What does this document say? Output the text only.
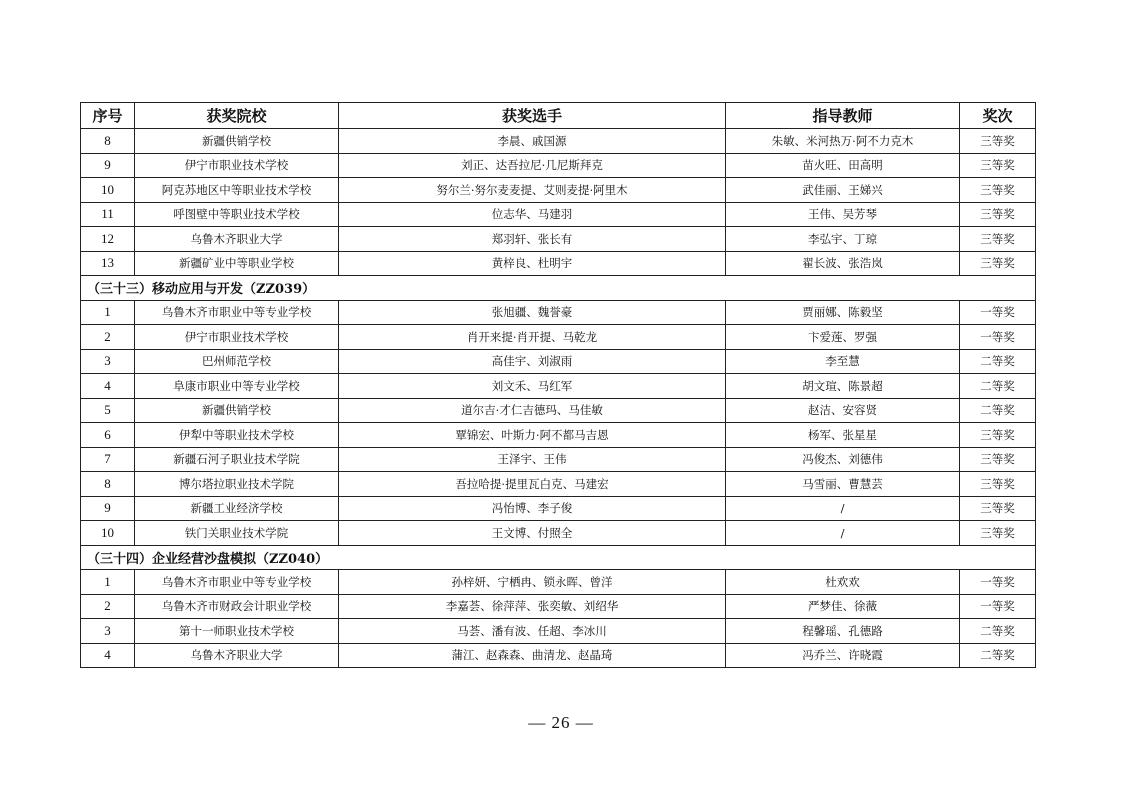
序号	获奖院校	获奖选手	指导教师	奖次
8	新疆供销学校	李晨、戚国源	朱敏、米河热万·阿不力克木	三等奖
9	伊宁市职业技术学校	刘正、达吾拉尼·几尼斯拜克	苗火旺、田高明	三等奖
10	阿克苏地区中等职业技术学校	努尔兰·努尔麦麦提、艾则麦提·阿里木	武佳丽、王娣兴	三等奖
11	呼图壁中等职业技术学校	位志华、马建羽	王伟、吴芳琴	三等奖
12	乌鲁木齐职业大学	郑羽轩、张长有	李弘宇、丁琼	三等奖
13	新疆矿业中等职业学校	黄梓良、杜明宇	翟长波、张浩岚	三等奖
（三十三）移动应用与开发（ZZ039）				
1	乌鲁木齐市职业中等专业学校	张旭疆、魏誉豪	贾丽娜、陈毅坚	一等奖
2	伊宁市职业技术学校	肖开来提·肖开提、马乾龙	卞爱莲、罗强	一等奖
3	巴州师范学校	高佳宇、刘淑雨	李至慧	二等奖
4	阜康市职业中等专业学校	刘文禾、马红军	胡文瑄、陈景超	二等奖
5	新疆供销学校	道尔吉·才仁吉德玛、马佳敏	赵洁、安容贤	二等奖
6	伊犁中等职业技术学校	覃锦宏、叶斯力·阿不都马吉恩	杨军、张星星	三等奖
7	新疆石河子职业技术学院	王泽宇、王伟	冯俊杰、刘德伟	三等奖
8	博尔塔拉职业技术学院	吾拉哈提·提里瓦白克、马建宏	马雪丽、曹慧芸	三等奖
9	新疆工业经济学校	冯怡博、李子俊	/	三等奖
10	铁门关职业技术学院	王文博、付照全	/	三等奖
（三十四）企业经营沙盘模拟（ZZ040）				
1	乌鲁木齐市职业中等专业学校	孙梓妍、宁栖冉、锁永晖、曾洋	杜欢欢	一等奖
2	乌鲁木齐市财政会计职业学校	李嘉荟、徐萍萍、张奕敏、刘绍华	严梦佳、徐薇	一等奖
3	第十一师职业技术学校	马荟、潘有波、任超、李冰川	程馨瑶、孔德路	二等奖
4	乌鲁木齐职业大学	蒲江、赵森森、曲清龙、赵晶琦	冯乔兰、许晓霞	二等奖
— 26 —
